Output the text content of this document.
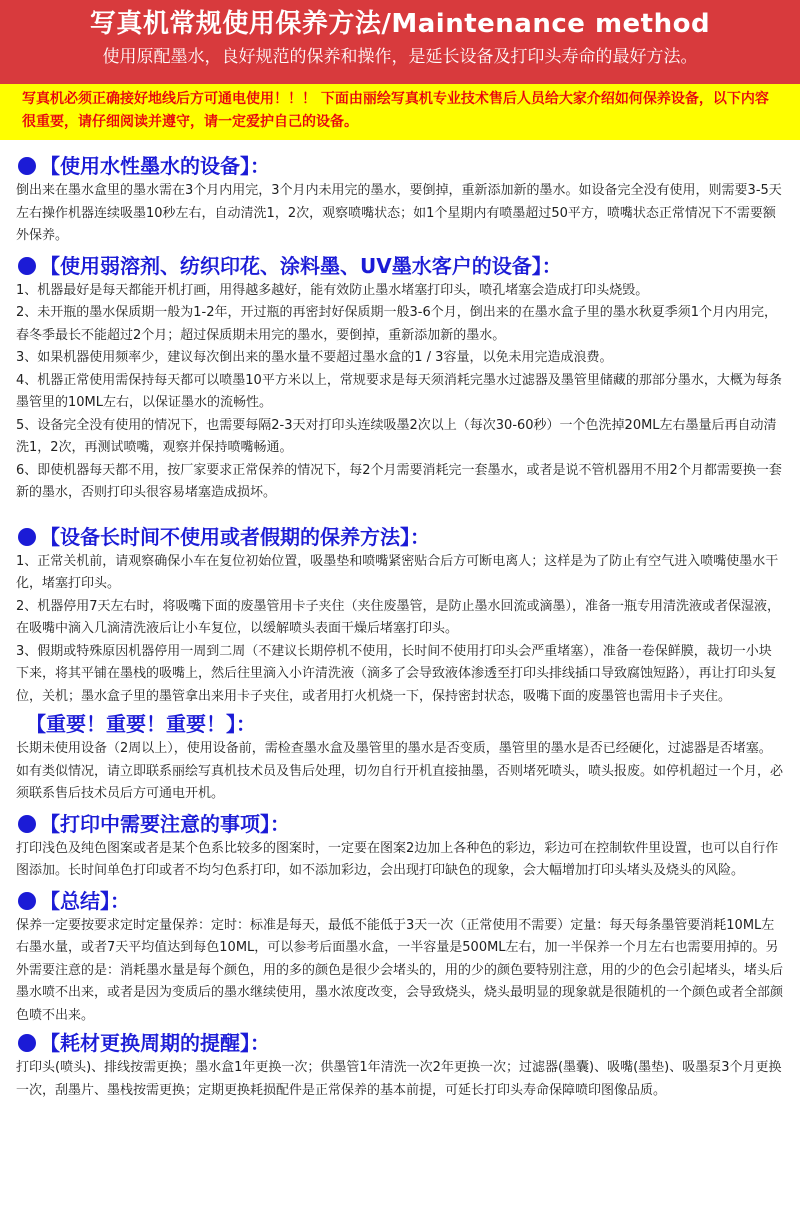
写真机常规使用保养方法/Maintenance method
使用原配墨水，良好规范的保养和操作，是延长设备及打印头寿命的最好方法。
写真机必须正确接好地线后方可通电使用！！！ 下面由丽绘写真机专业技术售后人员给大家介绍如何保养设备，以下内容很重要，请仔细阅读并遵守，请一定爱护自己的设备。
【使用水性墨水的设备】：
倒出来在墨水盒里的墨水需在3个月内用完，3个月内未用完的墨水，要倒掉，重新添加新的墨水。如设备完全没有使用，则需要3-5天左右操作机器连续吸墨10秒左右，自动清洗1，2次，观察喷嘴状态；如1个星期内有喷墨超过50平方，喷嘴状态正常情况下不需要额外保养。
【使用弱溶剂、纺织印花、涂料墨、UV墨水客户的设备】：
1、机器最好是每天都能开机打画，用得越多越好，能有效防止墨水堵塞打印头，喷孔堵塞会造成打印头烧毁。
2、未开瓶的墨水保质期一般为1-2年，开过瓶的再密封好保质期一般3-6个月，倒出来的在墨水盒子里的墨水秋夏季须1个月内用完，春冬季最长不能超过2个月；超过保质期未用完的墨水，要倒掉，重新添加新的墨水。
3、如果机器使用频率少，建议每次倒出来的墨水量不要超过墨水盒的1 / 3容量，以免未用完造成浪费。
4、机器正常使用需保持每天都可以喷墨10平方米以上，常规要求是每天须消耗完墨水过滤器及墨管里储藏的那部分墨水，大概为每条墨管里的10ML左右，以保证墨水的流畅性。
5、设备完全没有使用的情况下，也需要每隔2-3天对打印头连续吸墨2次以上（每次30-60秒）一个色洗掉20ML左右墨量后再自动清洗1，2次，再测试喷嘴，观察并保持喷嘴畅通。
6、即使机器每天都不用，按厂家要求正常保养的情况下，每2个月需要消耗完一套墨水，或者是说不管机器用不用2个月都需要换一套新的墨水，否则打印头很容易堵塞造成损坏。
【设备长时间不使用或者假期的保养方法】：
1、正常关机前，请观察确保小车在复位初始位置，吸墨垫和喷嘴紧密贴合后方可断电离人；这样是为了防止有空气进入喷嘴使墨水干化，堵塞打印头。
2、机器停用7天左右时，将吸嘴下面的废墨管用卡子夹住（夹住废墨管，是防止墨水回流或滴墨），准备一瓶专用清洗液或者保湿液，在吸嘴中滴入几滴清洗液后让小车复位，以缓解喷头表面干燥后堵塞打印头。
3、假期或特殊原因机器停用一周到二周（不建议长期停机不使用，长时间不使用打印头会严重堵塞），准备一卷保鲜膜，裁切一小块下来，将其平铺在墨栈的吸嘴上，然后往里滴入小许清洗液（滴多了会导致液体渗透至打印头排线插口导致腐蚀短路），再让打印头复位，关机；墨水盒子里的墨管拿出来用卡子夹住，或者用打火机烧一下，保持密封状态，吸嘴下面的废墨管也需用卡子夹住。
【重要！重要！重要！】：
长期未使用设备（2周以上），使用设备前，需检查墨水盒及墨管里的墨水是否变质，墨管里的墨水是否已经硬化，过滤器是否堵塞。如有类似情况，请立即联系丽绘写真机技术员及售后处理，切勿自行开机直接抽墨，否则堵死喷头，喷头报废。如停机超过一个月，必须联系售后技术员后方可通电开机。
【打印中需要注意的事项】：
打印浅色及纯色图案或者是某个色系比较多的图案时，一定要在图案2边加上各种色的彩边，彩边可在控制软件里设置，也可以自行作图添加。长时间单色打印或者不均匀色系打印，如不添加彩边，会出现打印缺色的现象，会大幅增加打印头堵头及烧头的风险。
【总结】：
保养一定要按要求定时定量保养：定时：标准是每天，最低不能低于3天一次（正常使用不需要）定量：每天每条墨管要消耗10ML左右墨水量，或者7天平均值达到每色10ML，可以参考后面墨水盒，一半容量是500ML左右，加一半保养一个月左右也需要用掉的。另外需要注意的是：消耗墨水量是每个颜色，用的多的颜色是很少会堵头的，用的少的颜色要特别注意，用的少的色会引起堵头，堵头后墨水喷不出来，或者是因为变质后的墨水继续使用，墨水浓度改变，会导致烧头，烧头最明显的现象就是很随机的一个颜色或者全部颜色喷不出来。
【耗材更换周期的提醒】：
打印头(喷头)、排线按需更换；墨水盒1年更换一次；供墨管1年清洗一次2年更换一次；过滤器(墨囊)、吸嘴(墨垫)、吸墨泵3个月更换一次，刮墨片、墨栈按需更换；定期更换耗损配件是正常保养的基本前提，可延长打印头寿命保障喷印图像品质。
